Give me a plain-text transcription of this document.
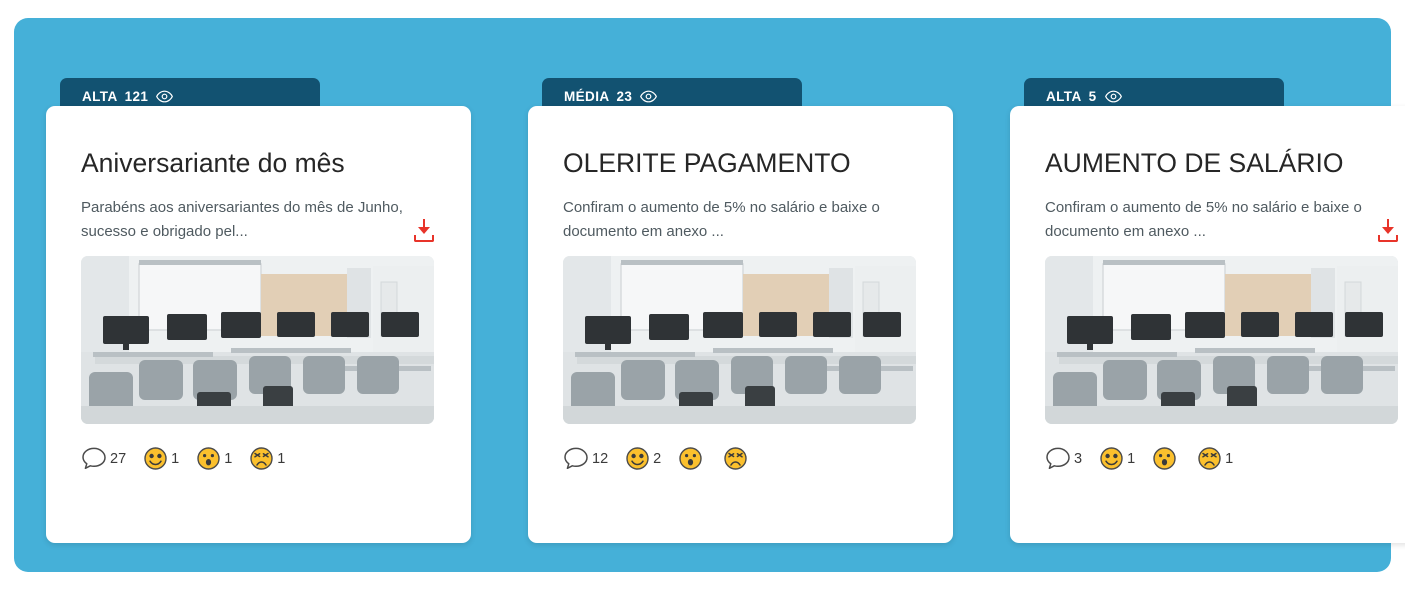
ALTA 121
Aniversariante do mês
Parabéns aos aniversariantes do mês de Junho, sucesso e obrigado pel...
27	1	1	1
MÉDIA 23
OLERITE PAGAMENTO
Confiram o aumento de 5% no salário e baixe o documento em anexo ...
12	2
ALTA 5
AUMENTO DE SALÁRIO
Confiram o aumento de 5% no salário e baixe o documento em anexo ...
3	1	1
